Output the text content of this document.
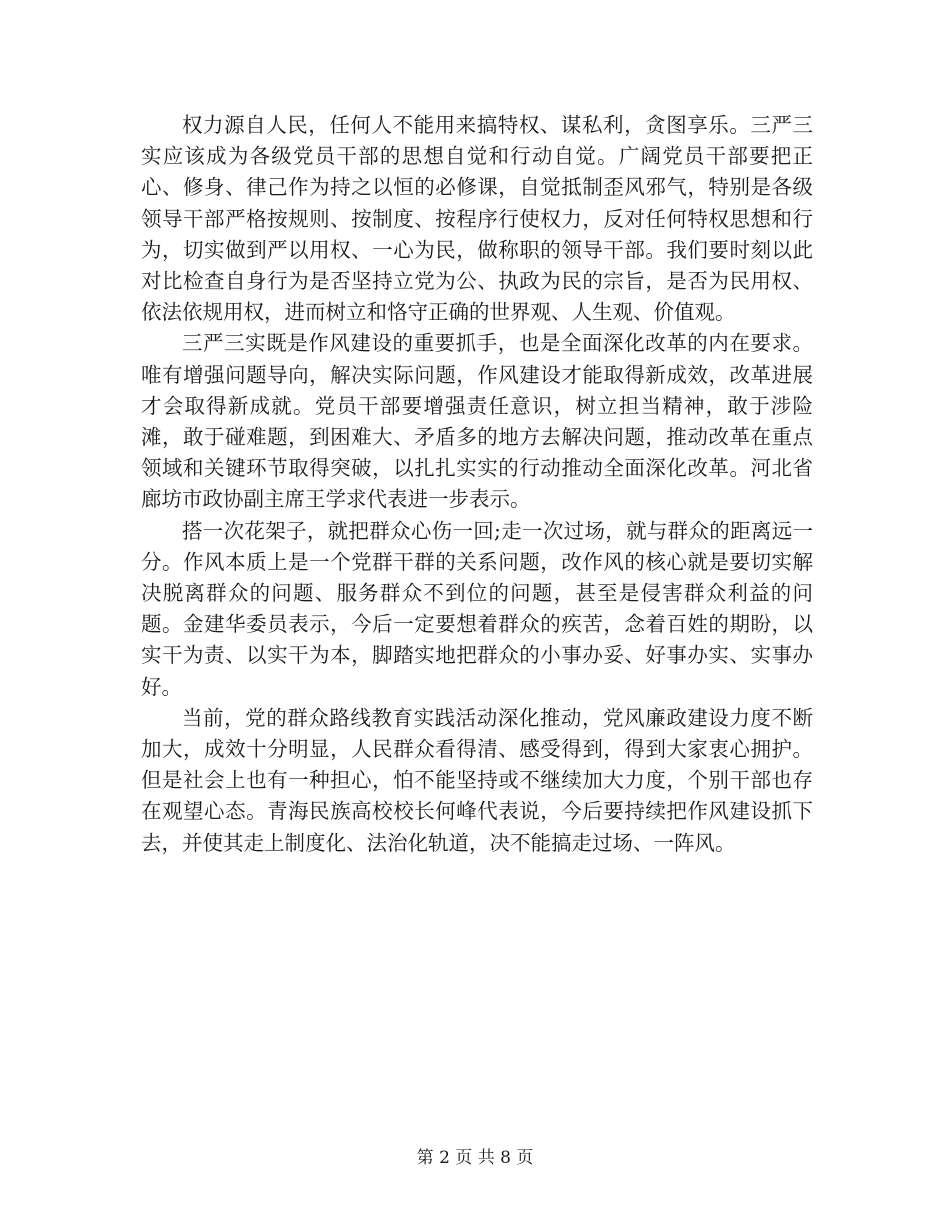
权力源自人民，任何人不能用来搞特权、谋私利，贪图享乐。三严三实应该成为各级党员干部的思想自觉和行动自觉。广阔党员干部要把正心、修身、律己作为持之以恒的必修课，自觉抵制歪风邪气，特别是各级领导干部严格按规则、按制度、按程序行使权力，反对任何特权思想和行为，切实做到严以用权、一心为民，做称职的领导干部。我们要时刻以此对比检查自身行为是否坚持立党为公、执政为民的宗旨，是否为民用权、依法依规用权，进而树立和恪守正确的世界观、人生观、价值观。

三严三实既是作风建设的重要抓手，也是全面深化改革的内在要求。唯有增强问题导向，解决实际问题，作风建设才能取得新成效，改革进展才会取得新成就。党员干部要增强责任意识，树立担当精神，敢于涉险滩，敢于碰难题，到困难大、矛盾多的地方去解决问题，推动改革在重点领域和关键环节取得突破，以扎扎实实的行动推动全面深化改革。河北省廊坊市政协副主席王学求代表进一步表示。

搭一次花架子，就把群众心伤一回;走一次过场，就与群众的距离远一分。作风本质上是一个党群干群的关系问题，改作风的核心就是要切实解决脱离群众的问题、服务群众不到位的问题，甚至是侵害群众利益的问题。金建华委员表示，今后一定要想着群众的疾苦，念着百姓的期盼，以实干为责、以实干为本，脚踏实地把群众的小事办妥、好事办实、实事办好。

当前，党的群众路线教育实践活动深化推动，党风廉政建设力度不断加大，成效十分明显，人民群众看得清、感受得到，得到大家衷心拥护。但是社会上也有一种担心，怕不能坚持或不继续加大力度，个别干部也存在观望心态。青海民族高校校长何峰代表说，今后要持续把作风建设抓下去，并使其走上制度化、法治化轨道，决不能搞走过场、一阵风。

第 2 页 共 8 页
